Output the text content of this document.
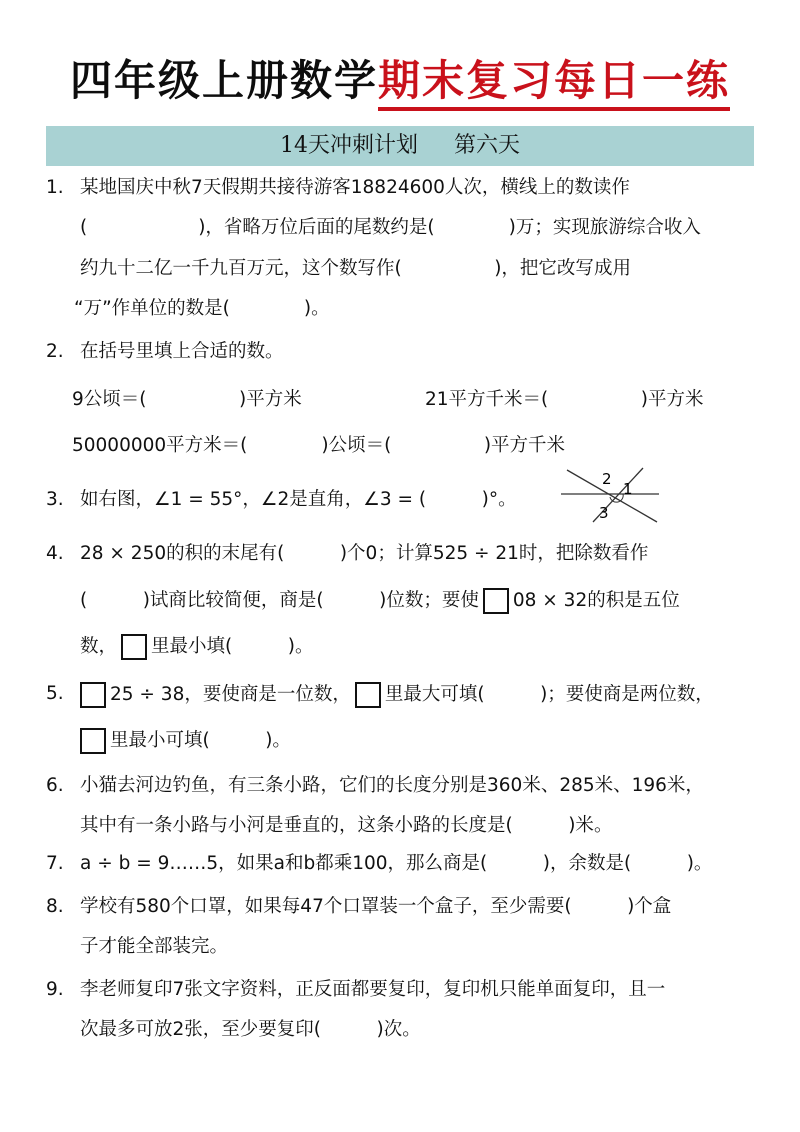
四年级上册数学期末复习每日一练
14天冲刺计划 第六天
1. 某地国庆中秋7天假期共接待游客18824600人次，横线上的数读作
(　　　　　　)，省略万位后面的尾数约是(　　　　)万；实现旅游综合收入
约九十二亿一千九百万元，这个数写作(　　　　　)，把它改写成用
“万”作单位的数是(　　　　)。
2. 在括号里填上合适的数。
9公顷＝(　　　　　)平方米	21平方千米＝(　　　　　)平方米
50000000平方米＝(　　　　)公顷＝(　　　　　)平方千米
3. 如右图，∠1 = 55°，∠2是直角，∠3 = (　　　)°。
2
1
3
4. 28 × 250的积的末尾有(　　　)个0；计算525 ÷ 21时，把除数看作
(　　　)试商比较简便，商是(　　　)位数；要使 08 × 32的积是五位
数， 里最小填(　　　)。
5.	25 ÷ 38，要使商是一位数， 里最大可填(　　　)；要使商是两位数，
里最小可填(　　　)。
6. 小猫去河边钓鱼，有三条小路，它们的长度分别是360米、285米、196米，
其中有一条小路与小河是垂直的，这条小路的长度是(　　　)米。
7. a ÷ b = 9……5，如果a和b都乘100，那么商是(　　　)，余数是(　　　)。
8. 学校有580个口罩，如果每47个口罩装一个盒子，至少需要(　　　)个盒
子才能全部装完。
9. 李老师复印7张文字资料，正反面都要复印，复印机只能单面复印，且一
次最多可放2张，至少要复印(　　　)次。
